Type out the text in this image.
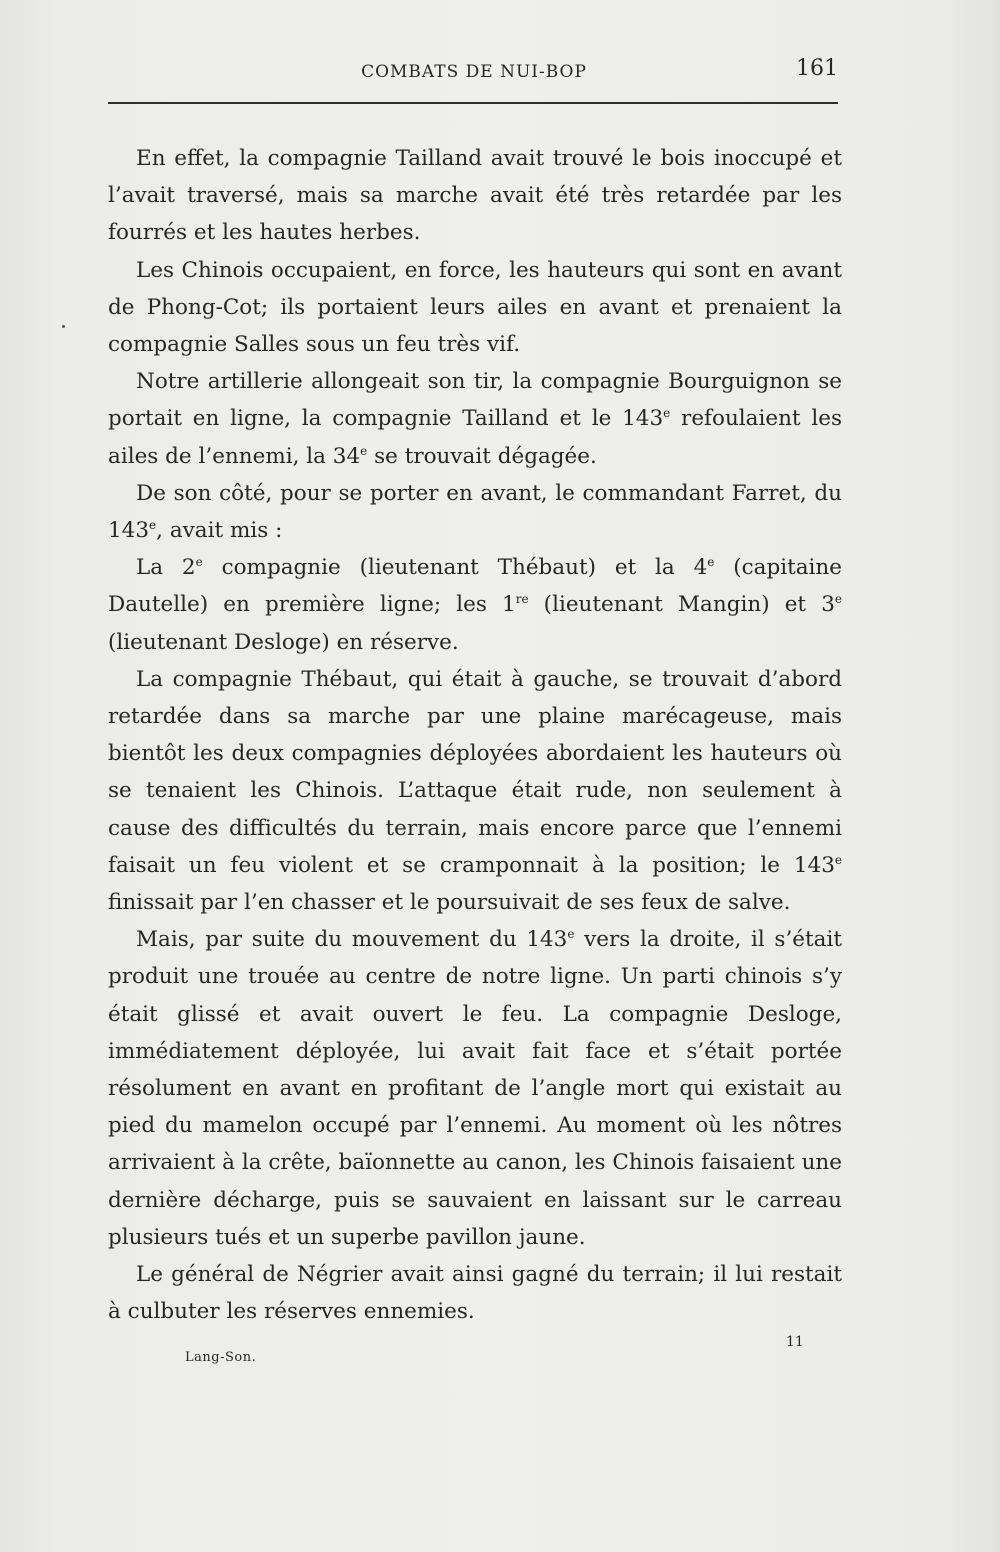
COMBATS DE NUI-BOP	161

En effet, la compagnie Tailland avait trouvé le bois inoccupé et l’avait traversé, mais sa marche avait été très retardée par les fourrés et les hautes herbes.

Les Chinois occupaient, en force, les hauteurs qui sont en avant de Phong-Cot; ils portaient leurs ailes en avant et prenaient la compagnie Salles sous un feu très vif.

Notre artillerie allongeait son tir, la compagnie Bourguignon se portait en ligne, la compagnie Tailland et le 143e refoulaient les ailes de l’ennemi, la 34e se trouvait dégagée.

De son côté, pour se porter en avant, le commandant Farret, du 143e, avait mis :

La 2e compagnie (lieutenant Thébaut) et la 4e (capitaine Dautelle) en première ligne; les 1re (lieutenant Mangin) et 3e (lieutenant Desloge) en réserve.

La compagnie Thébaut, qui était à gauche, se trouvait d’abord retardée dans sa marche par une plaine marécageuse, mais bientôt les deux compagnies déployées abordaient les hauteurs où se tenaient les Chinois. L’attaque était rude, non seulement à cause des difficultés du terrain, mais encore parce que l’ennemi faisait un feu violent et se cramponnait à la position; le 143e finissait par l’en chasser et le poursuivait de ses feux de salve.

Mais, par suite du mouvement du 143e vers la droite, il s’était produit une trouée au centre de notre ligne. Un parti chinois s’y était glissé et avait ouvert le feu. La compagnie Desloge, immédiatement déployée, lui avait fait face et s’était portée résolument en avant en profitant de l’angle mort qui existait au pied du mamelon occupé par l’ennemi. Au moment où les nôtres arrivaient à la crête, baïonnette au canon, les Chinois faisaient une dernière décharge, puis se sauvaient en laissant sur le carreau plusieurs tués et un superbe pavillon jaune.

Le général de Négrier avait ainsi gagné du terrain; il lui restait à culbuter les réserves ennemies.

11
Lang-Son.
